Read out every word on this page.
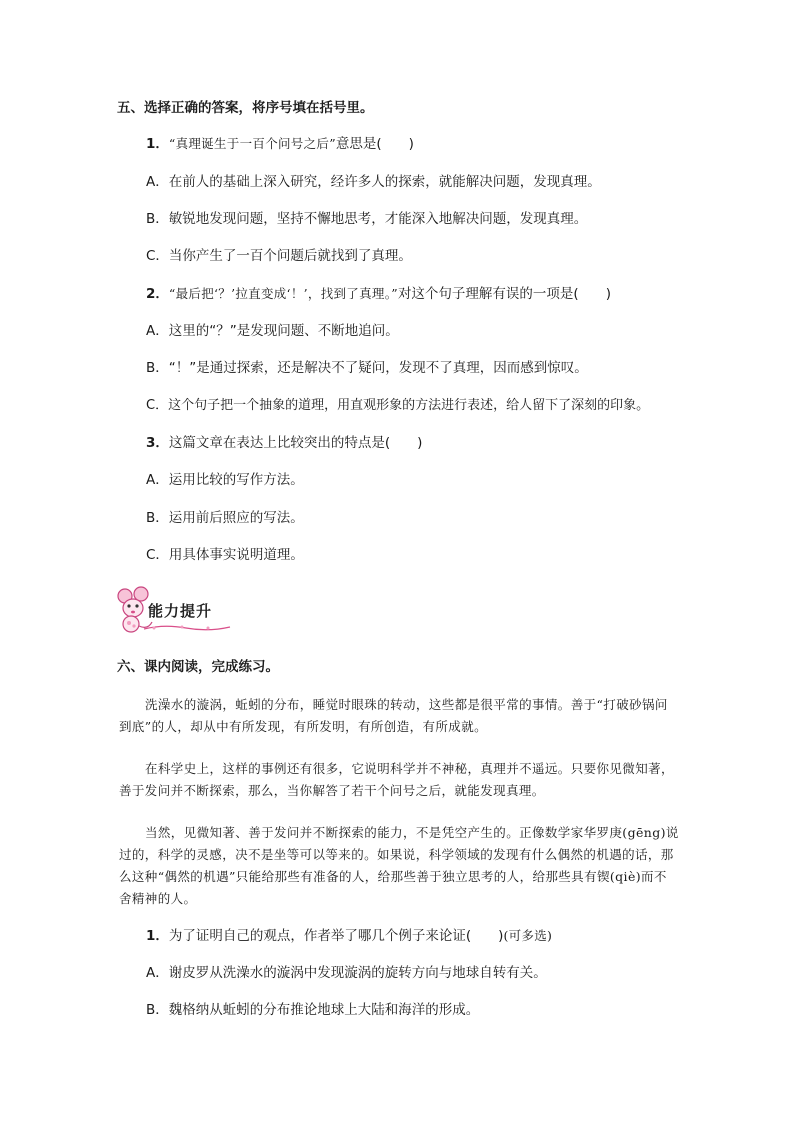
五、选择正确的答案，将序号填在括号里。
1．“真理诞生于一百个问号之后”意思是(　　)
A．在前人的基础上深入研究，经许多人的探索，就能解决问题，发现真理。
B．敏锐地发现问题，坚持不懈地思考，才能深入地解决问题，发现真理。
C．当你产生了一百个问题后就找到了真理。
2．“最后把‘？’拉直变成‘！’，找到了真理。”对这个句子理解有误的一项是(　　)
A．这里的“？”是发现问题、不断地追问。
B．“！”是通过探索，还是解决不了疑问，发现不了真理，因而感到惊叹。
C．这个句子把一个抽象的道理，用直观形象的方法进行表述，给人留下了深刻的印象。
3．这篇文章在表达上比较突出的特点是(　　)
A．运用比较的写作方法。
B．运用前后照应的写法。
C．用具体事实说明道理。
能力提升
六、课内阅读，完成练习。
洗澡水的漩涡，蚯蚓的分布，睡觉时眼珠的转动，这些都是很平常的事情。善于“打破砂锅问到底”的人，却从中有所发现，有所发明，有所创造，有所成就。
在科学史上，这样的事例还有很多，它说明科学并不神秘，真理并不遥远。只要你见微知著，善于发问并不断探索，那么，当你解答了若干个问号之后，就能发现真理。
当然，见微知著、善于发问并不断探索的能力，不是凭空产生的。正像数学家华罗庚(gēng)说过的，科学的灵感，决不是坐等可以等来的。如果说，科学领域的发现有什么偶然的机遇的话，那么这种“偶然的机遇”只能给那些有准备的人，给那些善于独立思考的人，给那些具有锲(qiè)而不舍精神的人。
1．为了证明自己的观点，作者举了哪几个例子来论证(　　)(可多选)
A．谢皮罗从洗澡水的漩涡中发现漩涡的旋转方向与地球自转有关。
B．魏格纳从蚯蚓的分布推论地球上大陆和海洋的形成。
